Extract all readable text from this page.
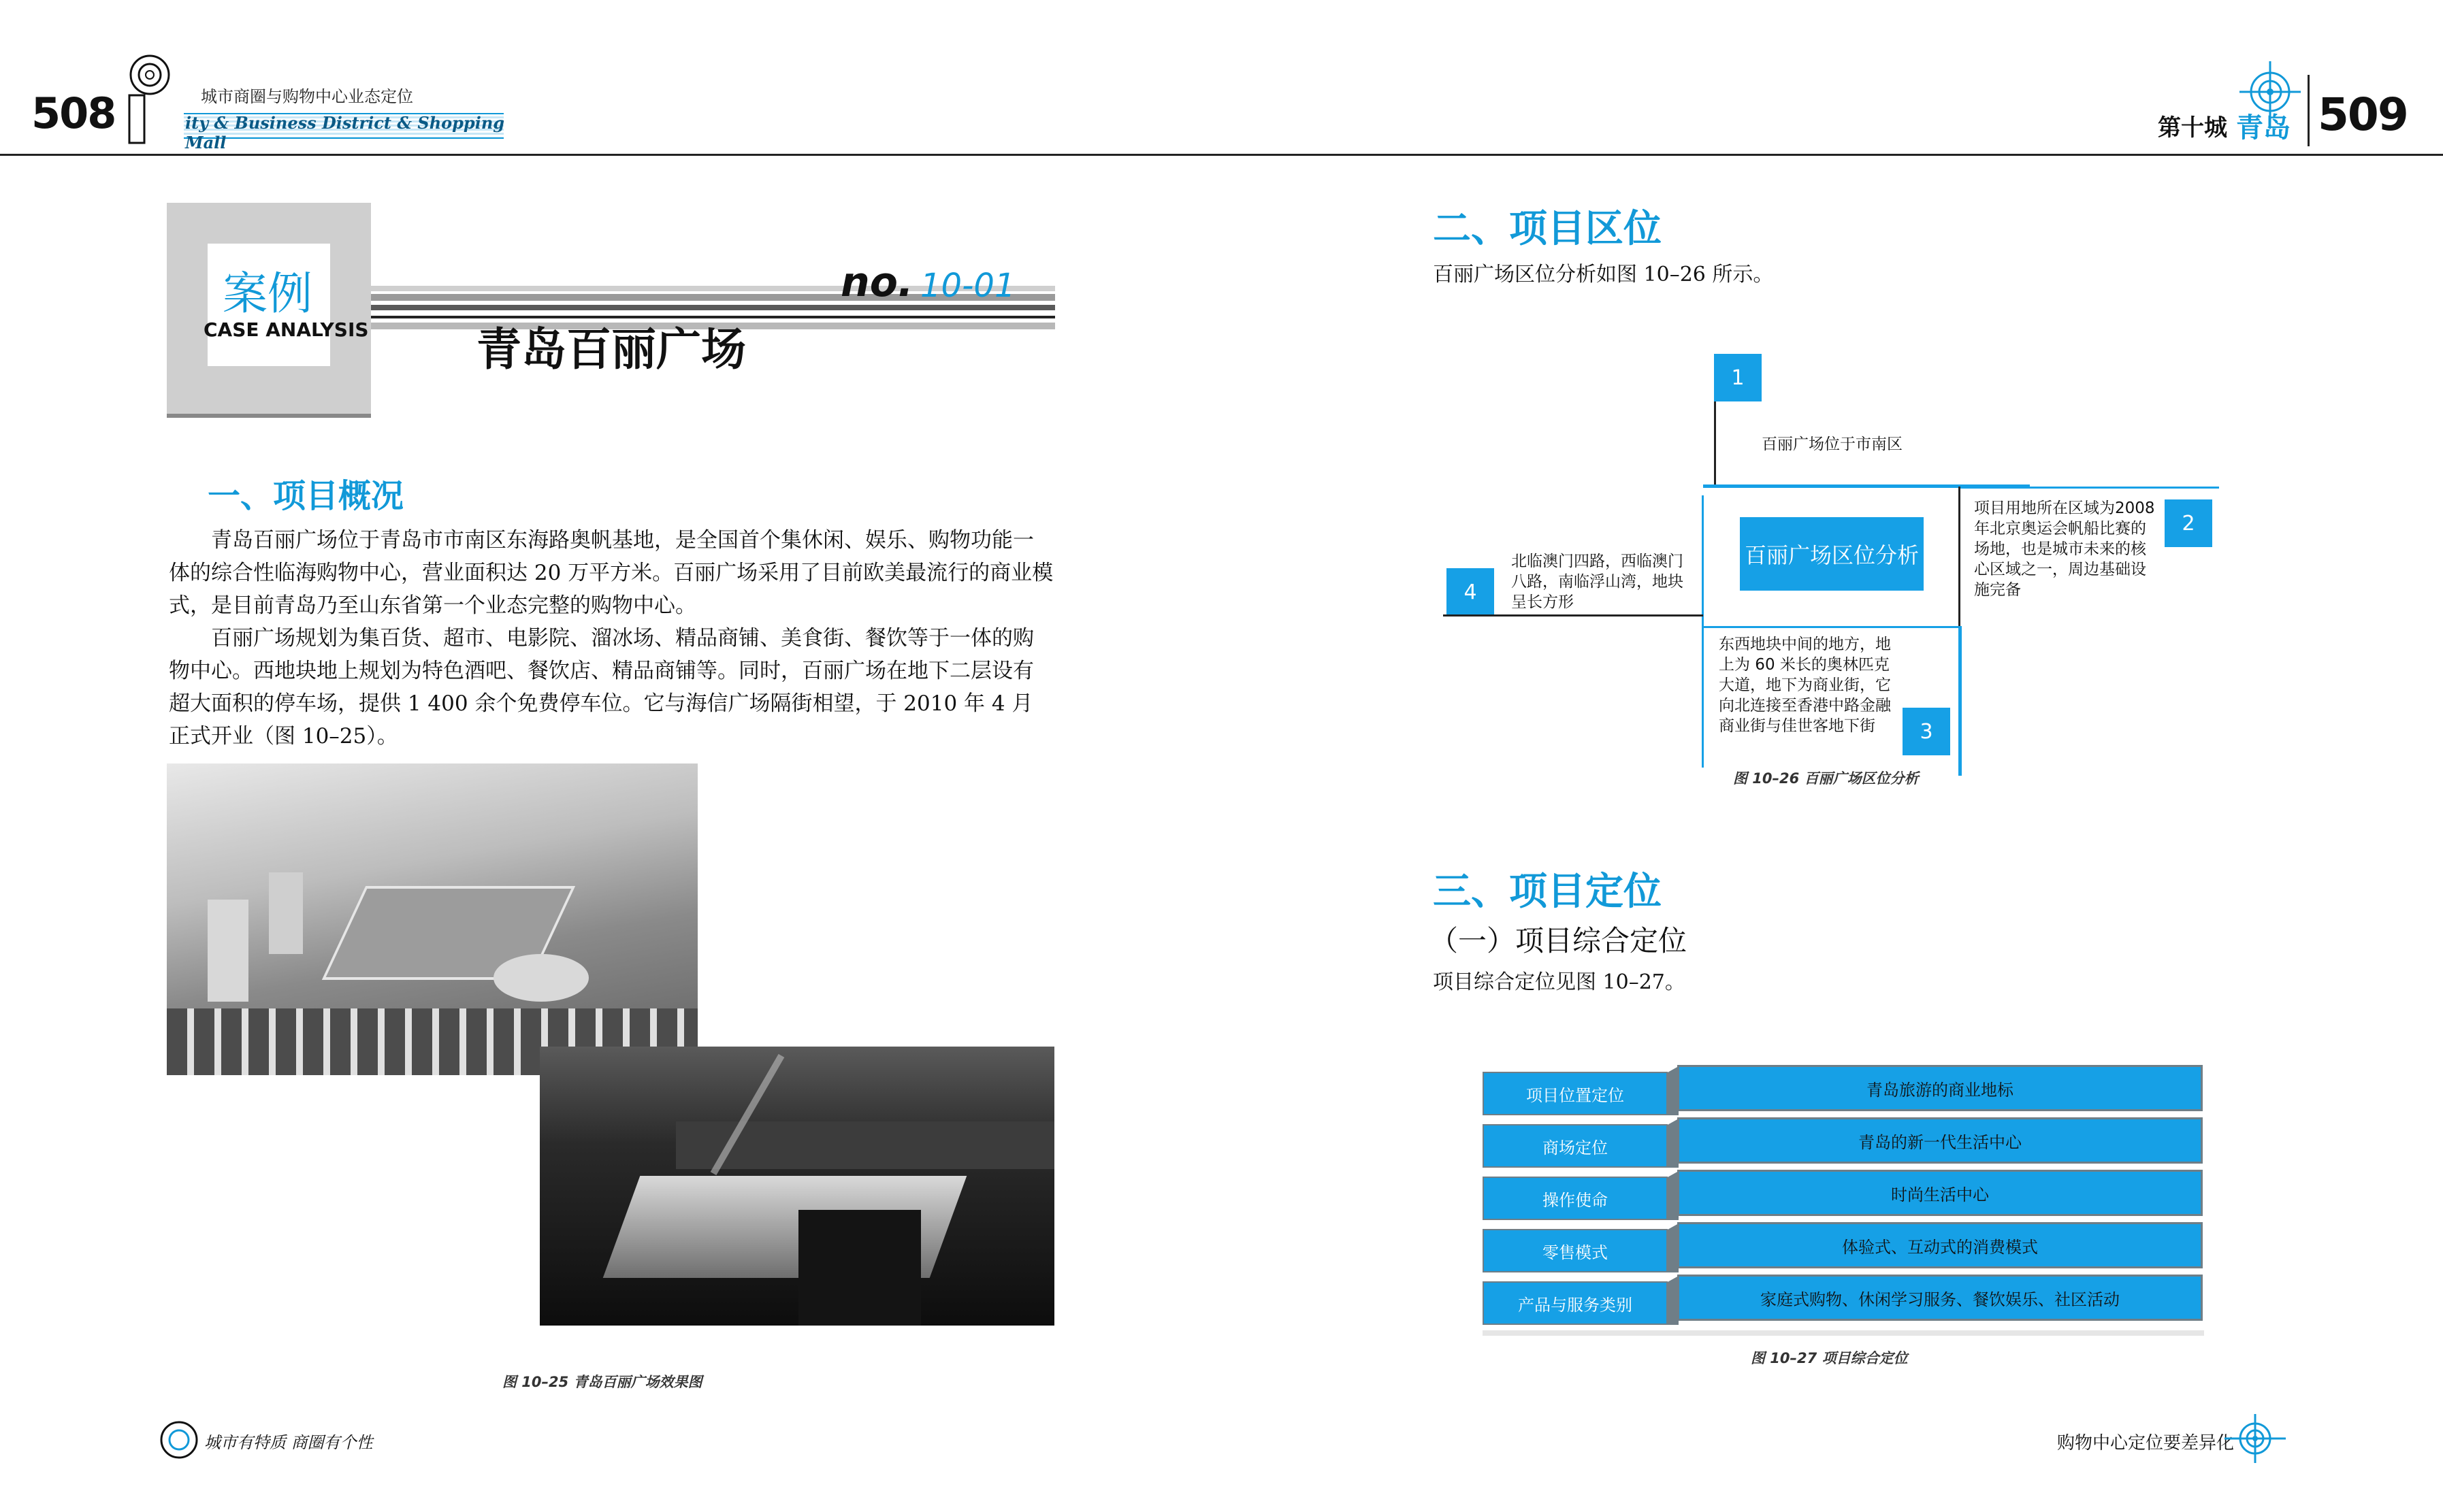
508	城市商圈与购物中心业态定位
ity & Business District & Shopping Mall
第十城 青岛 509
案例
CASE ANALYSIS
no. 10-01
青岛百丽广场
一、项目概况

青岛百丽广场位于青岛市市南区东海路奥帆基地，是全国首个集休闲、娱乐、购物功能一体的综合性临海购物中心，营业面积达 20 万平方米。百丽广场采用了目前欧美最流行的商业模式，是目前青岛乃至山东省第一个业态完整的购物中心。

百丽广场规划为集百货、超市、电影院、溜冰场、精品商铺、美食街、餐饮等于一体的购物中心。西地块地上规划为特色酒吧、餐饮店、精品商铺等。同时，百丽广场在地下二层设有超大面积的停车场，提供 1 400 余个免费停车位。它与海信广场隔街相望，于 2010 年 4 月正式开业（图 10–25）。

图 10–25 青岛百丽广场效果图
二、项目区位
百丽广场区位分析如图 10–26 所示。
1
百丽广场位于市南区
百丽广场区位分析
2
项目用地所在区域为2008 年北京奥运会帆船比赛的场地，也是城市未来的核心区域之一，周边基础设施完备
4
北临澳门四路，西临澳门八路，南临浮山湾，地块呈长方形
3
东西地块中间的地方，地上为 60 米长的奥林匹克大道，地下为商业街，它向北连接至香港中路金融商业街与佳世客地下街
图 10–26 百丽广场区位分析
三、项目定位
（一）项目综合定位
项目综合定位见图 10–27。
项目位置定位	青岛旅游的商业地标
商场定位	青岛的新一代生活中心
操作使命	时尚生活中心
零售模式	体验式、互动式的消费模式
产品与服务类别	家庭式购物、休闲学习服务、餐饮娱乐、社区活动
图 10–27 项目综合定位
城市有特质 商圈有个性	购物中心定位要差异化
